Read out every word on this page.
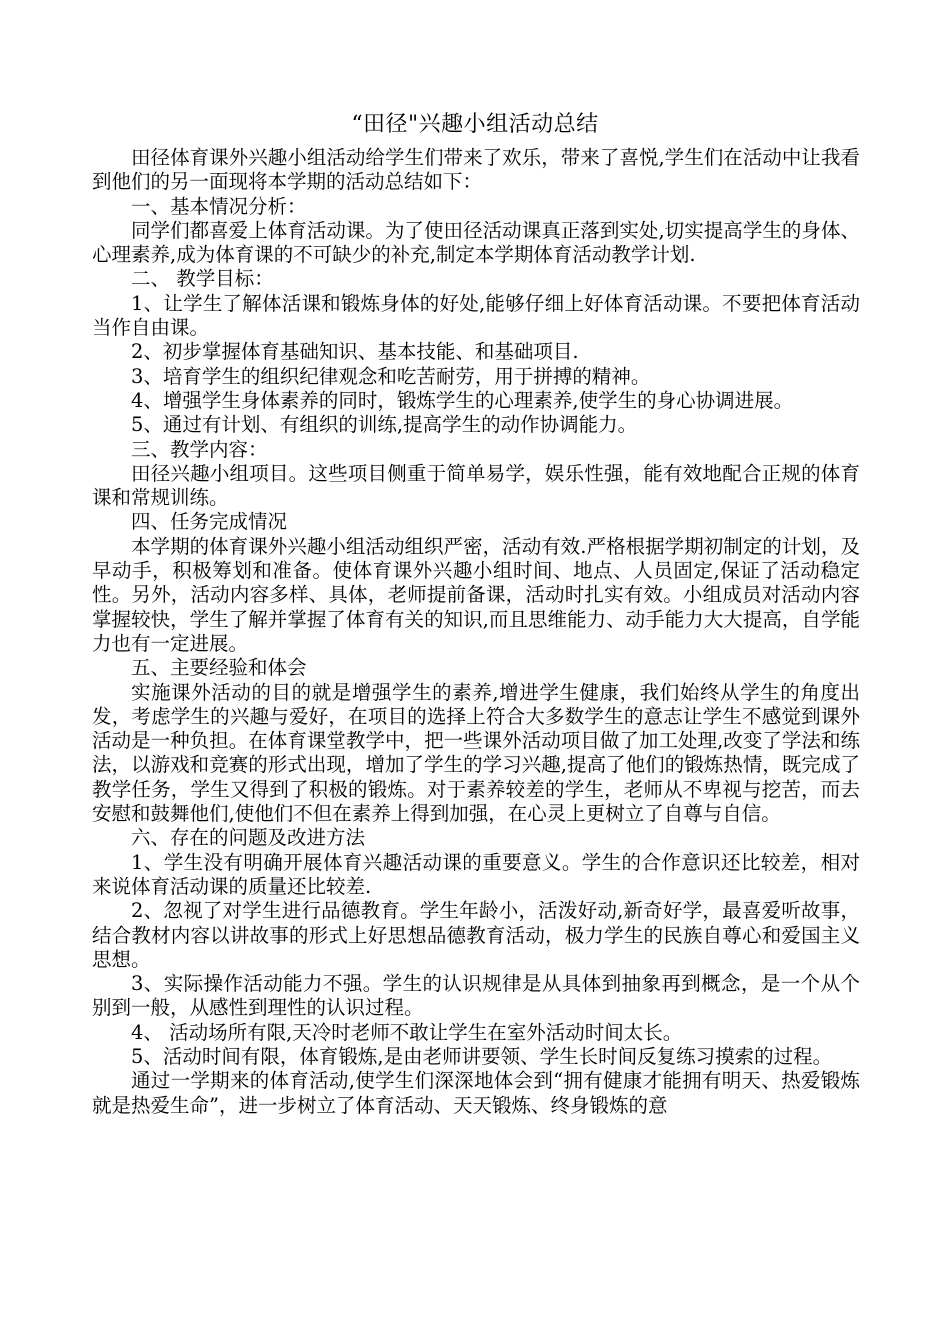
“田径"兴趣小组活动总结

田径体育课外兴趣小组活动给学生们带来了欢乐，带来了喜悦,学生们在活动中让我看到他们的另一面现将本学期的活动总结如下：

一、基本情况分析：

同学们都喜爱上体育活动课。为了使田径活动课真正落到实处,切实提高学生的身体、心理素养,成为体育课的不可缺少的补充,制定本学期体育活动教学计划.

二、 教学目标：

1、让学生了解体活课和锻炼身体的好处,能够仔细上好体育活动课。不要把体育活动当作自由课。

2、初步掌握体育基础知识、基本技能、和基础项目.

3、培育学生的组织纪律观念和吃苦耐劳，用于拼搏的精神。

4、增强学生身体素养的同时，锻炼学生的心理素养,使学生的身心协调进展。

5、通过有计划、有组织的训练,提高学生的动作协调能力。

三、教学内容：

田径兴趣小组项目。这些项目侧重于简单易学，娱乐性强，能有效地配合正规的体育课和常规训练。

四、任务完成情况

本学期的体育课外兴趣小组活动组织严密，活动有效.严格根据学期初制定的计划，及早动手，积极筹划和准备。使体育课外兴趣小组时间、地点、人员固定,保证了活动稳定性。另外，活动内容多样、具体，老师提前备课，活动时扎实有效。小组成员对活动内容掌握较快，学生了解并掌握了体育有关的知识,而且思维能力、动手能力大大提高，自学能力也有一定进展。

五、主要经验和体会

实施课外活动的目的就是增强学生的素养,增进学生健康，我们始终从学生的角度出发，考虑学生的兴趣与爱好，在项目的选择上符合大多数学生的意志让学生不感觉到课外活动是一种负担。在体育课堂教学中，把一些课外活动项目做了加工处理,改变了学法和练法，以游戏和竞赛的形式出现，增加了学生的学习兴趣,提高了他们的锻炼热情，既完成了教学任务，学生又得到了积极的锻炼。对于素养较差的学生，老师从不卑视与挖苦，而去安慰和鼓舞他们,使他们不但在素养上得到加强，在心灵上更树立了自尊与自信。

六、存在的问题及改进方法

1、学生没有明确开展体育兴趣活动课的重要意义。学生的合作意识还比较差，相对来说体育活动课的质量还比较差.

2、忽视了对学生进行品德教育。学生年龄小，活泼好动,新奇好学，最喜爱听故事，结合教材内容以讲故事的形式上好思想品德教育活动，极力学生的民族自尊心和爱国主义思想。

3、实际操作活动能力不强。学生的认识规律是从具体到抽象再到概念，是一个从个别到一般，从感性到理性的认识过程。

4、 活动场所有限,天冷时老师不敢让学生在室外活动时间太长。

5、活动时间有限，体育锻炼,是由老师讲要领、学生长时间反复练习摸索的过程。

通过一学期来的体育活动,使学生们深深地体会到“拥有健康才能拥有明天、热爱锻炼就是热爱生命”，进一步树立了体育活动、天天锻炼、终身锻炼的意
